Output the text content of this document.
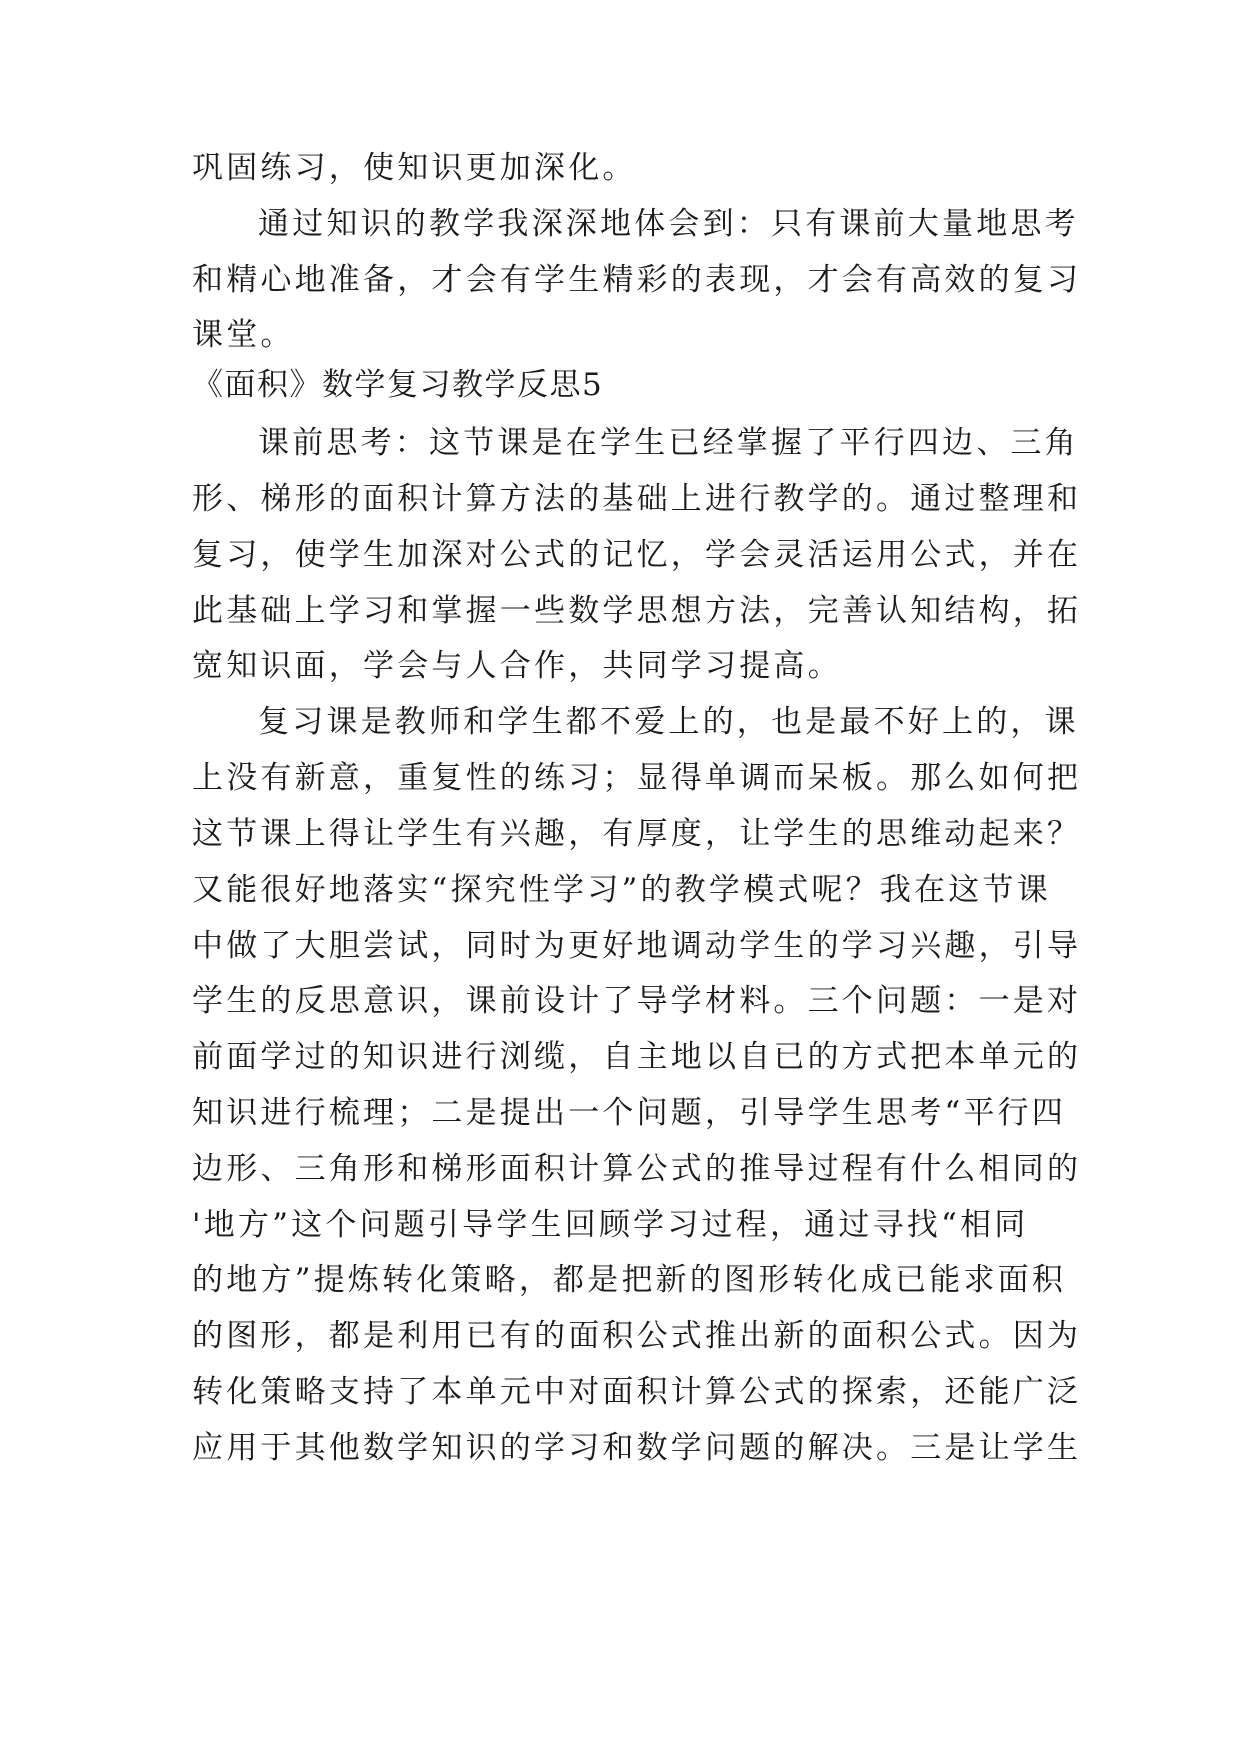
巩固练习，使知识更加深化。
通过知识的教学我深深地体会到：只有课前大量地思考
和精心地准备，才会有学生精彩的表现，才会有高效的复习
课堂。
《面积》数学复习教学反思5
课前思考：这节课是在学生已经掌握了平行四边、三角
形、梯形的面积计算方法的基础上进行教学的。通过整理和
复习，使学生加深对公式的记忆，学会灵活运用公式，并在
此基础上学习和掌握一些数学思想方法，完善认知结构，拓
宽知识面，学会与人合作，共同学习提高。
复习课是教师和学生都不爱上的，也是最不好上的，课
上没有新意，重复性的练习；显得单调而呆板。那么如何把
这节课上得让学生有兴趣，有厚度，让学生的思维动起来？
又能很好地落实“探究性学习”的教学模式呢？我在这节课
中做了大胆尝试，同时为更好地调动学生的学习兴趣，引导
学生的反思意识，课前设计了导学材料。三个问题：一是对
前面学过的知识进行浏缆，自主地以自已的方式把本单元的
知识进行梳理；二是提出一个问题，引导学生思考“平行四
边形、三角形和梯形面积计算公式的推导过程有什么相同的
'地方”这个问题引导学生回顾学习过程，通过寻找“相同
的地方”提炼转化策略，都是把新的图形转化成已能求面积
的图形，都是利用已有的面积公式推出新的面积公式。因为
转化策略支持了本单元中对面积计算公式的探索，还能广泛
应用于其他数学知识的学习和数学问题的解决。三是让学生
